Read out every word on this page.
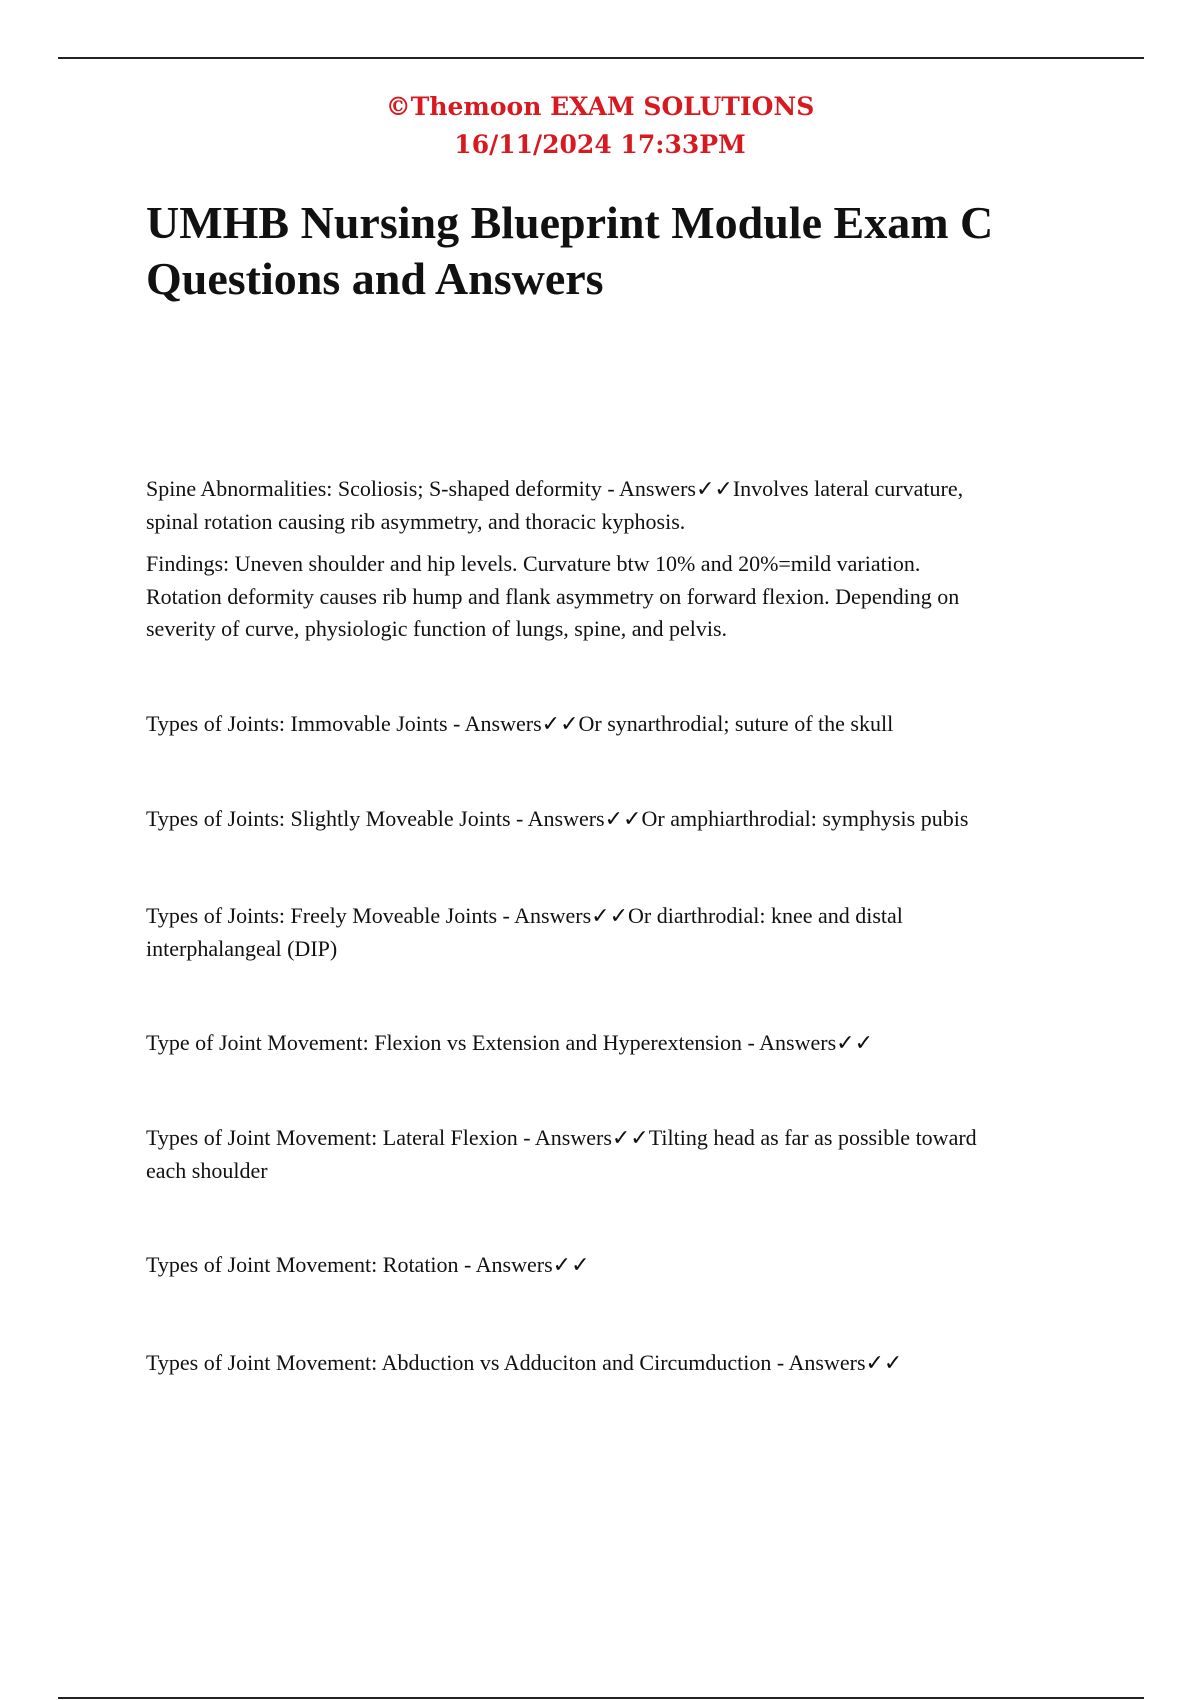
©Themoon EXAM SOLUTIONS
16/11/2024 17:33PM
UMHB Nursing Blueprint Module Exam C
Questions and Answers
Spine Abnormalities: Scoliosis; S-shaped deformity - Answers✓✓Involves lateral curvature,
spinal rotation causing rib asymmetry, and thoracic kyphosis.
Findings: Uneven shoulder and hip levels. Curvature btw 10% and 20%=mild variation.
Rotation deformity causes rib hump and flank asymmetry on forward flexion. Depending on
severity of curve, physiologic function of lungs, spine, and pelvis.
Types of Joints: Immovable Joints - Answers✓✓Or synarthrodial; suture of the skull
Types of Joints: Slightly Moveable Joints - Answers✓✓Or amphiarthrodial: symphysis pubis
Types of Joints: Freely Moveable Joints - Answers✓✓Or diarthrodial: knee and distal
interphalangeal (DIP)
Type of Joint Movement: Flexion vs Extension and Hyperextension - Answers✓✓
Types of Joint Movement: Lateral Flexion - Answers✓✓Tilting head as far as possible toward
each shoulder
Types of Joint Movement: Rotation - Answers✓✓
Types of Joint Movement: Abduction vs Adduciton and Circumduction - Answers✓✓
